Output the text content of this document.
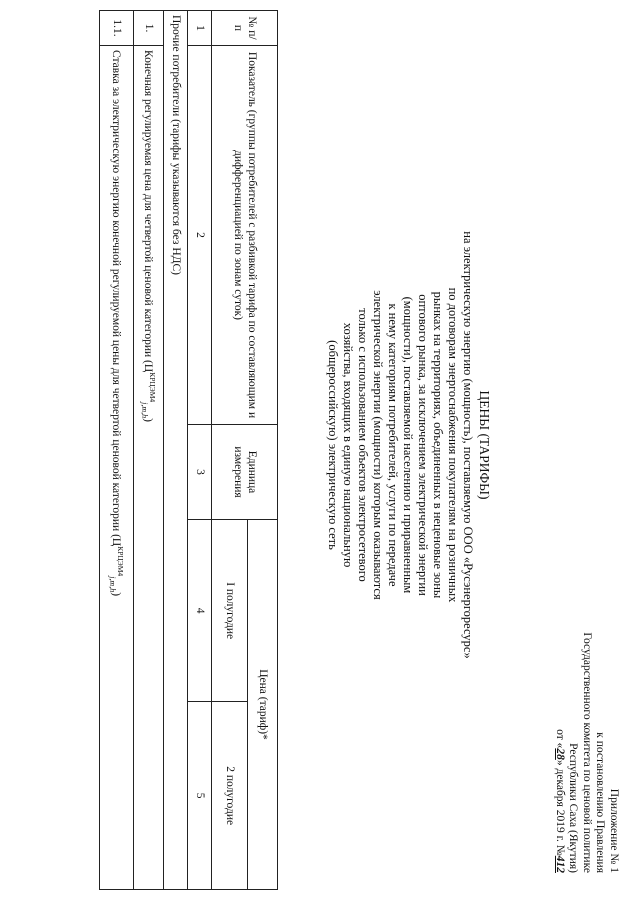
Приложение № 1
к постановлению Правления
Государственного комитета по ценовой политике
Республики Саха (Якутия)
от «28» декабря 2019 г. №412
ЦЕНЫ (ТАРИФЫ)
на электрическую энергию (мощность), поставляемую ООО «Русэнергоресурс»
по договорам энергоснабжения покупателям на розничных
рынках на территориях, объединенных в неценовые зоны
оптового рынка, за исключением электрической энергии
(мощности), поставляемой населению и приравненным
к нему категориям потребителей, услуги по передаче
электрической энергии (мощности) которым оказываются
только с использованием объектов электросетевого
хозяйства, входящих в единую национальную
(общероссийскую) электрическую сеть
№ п/п	Показатель (группы потребителей с разбивкой тарифа по составляющим и дифференциацией по зонам суток)	Единица измерения	Цена (тариф)*	
			I полугодие	2 полугодие
1	2	3	4	5
Прочие потребители (тарифы указываются без НДС)				
1.	Конечная регулируемая цена для четвертой ценовой категории $(Ц^{КРЦЭМ4}_{j,m,h})$			
1.1.	Ставка за электрическую энергию конечной регулируемой цены для четвертой ценовой категории $(Ц^{КРЦЭМ4}_{j,m,h})$			
